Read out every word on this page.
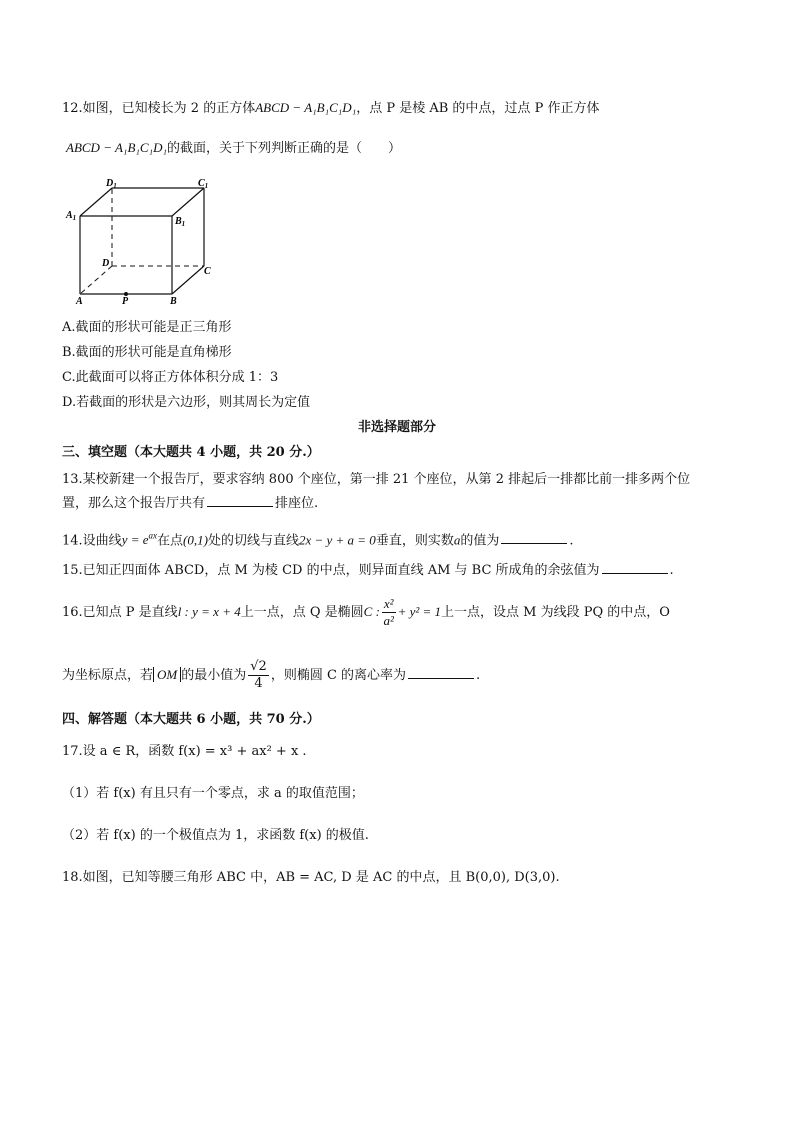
12.如图，已知棱长为 2 的正方体ABCD − A₁B₁C₁D₁，点 P 是棱 AB 的中点，过点 P 作正方体
ABCD − A₁B₁C₁D₁的截面，关于下列判断正确的是（　　）
$D_1$	$C_1$
$A_1$	$B_1$
D
C
A	P	B
A.截面的形状可能是正三角形
B.截面的形状可能是直角梯形
C.此截面可以将正方体体积分成 1：3
D.若截面的形状是六边形，则其周长为定值
非选择题部分
三、填空题（本大题共 4 小题，共 20 分.）
13.某校新建一个报告厅，要求容纳 800 个座位，第一排 21 个座位，从第 2 排起后一排都比前一排多两个位
置，那么这个报告厅共有	排座位.
14.设曲线$y = e^{ax}$在点(0,1)处的切线与直线2x − y + a = 0垂直，则实数a的值为	.
15.已知正四面体 ABCD，点 M 为棱 CD 的中点，则异面直线 AM 与 BC 所成角的余弦值为	.
16.已知点 P 是直线l : y = x + 4上一点，点 Q 是椭圆C : $\frac{\text{x²}}{\text{a²}} + y^2 = 1$上一点，设点 M 为线段 PQ 的中点，O
为坐标原点，若 OM 的最小值为 $\frac{√2}{4}$ ，则椭圆 C 的离心率为	.
四、解答题（本大题共 6 小题，共 70 分.）
17.设 a ∈ R，函数 f(x) = x³ + ax² + x .
（1）若 f(x) 有且只有一个零点，求 a 的取值范围；
（2）若 f(x) 的一个极值点为 1，求函数 f(x) 的极值.
18.如图，已知等腰三角形 ABC 中，AB = AC, D 是 AC 的中点，且 B(0,0), D(3,0).
